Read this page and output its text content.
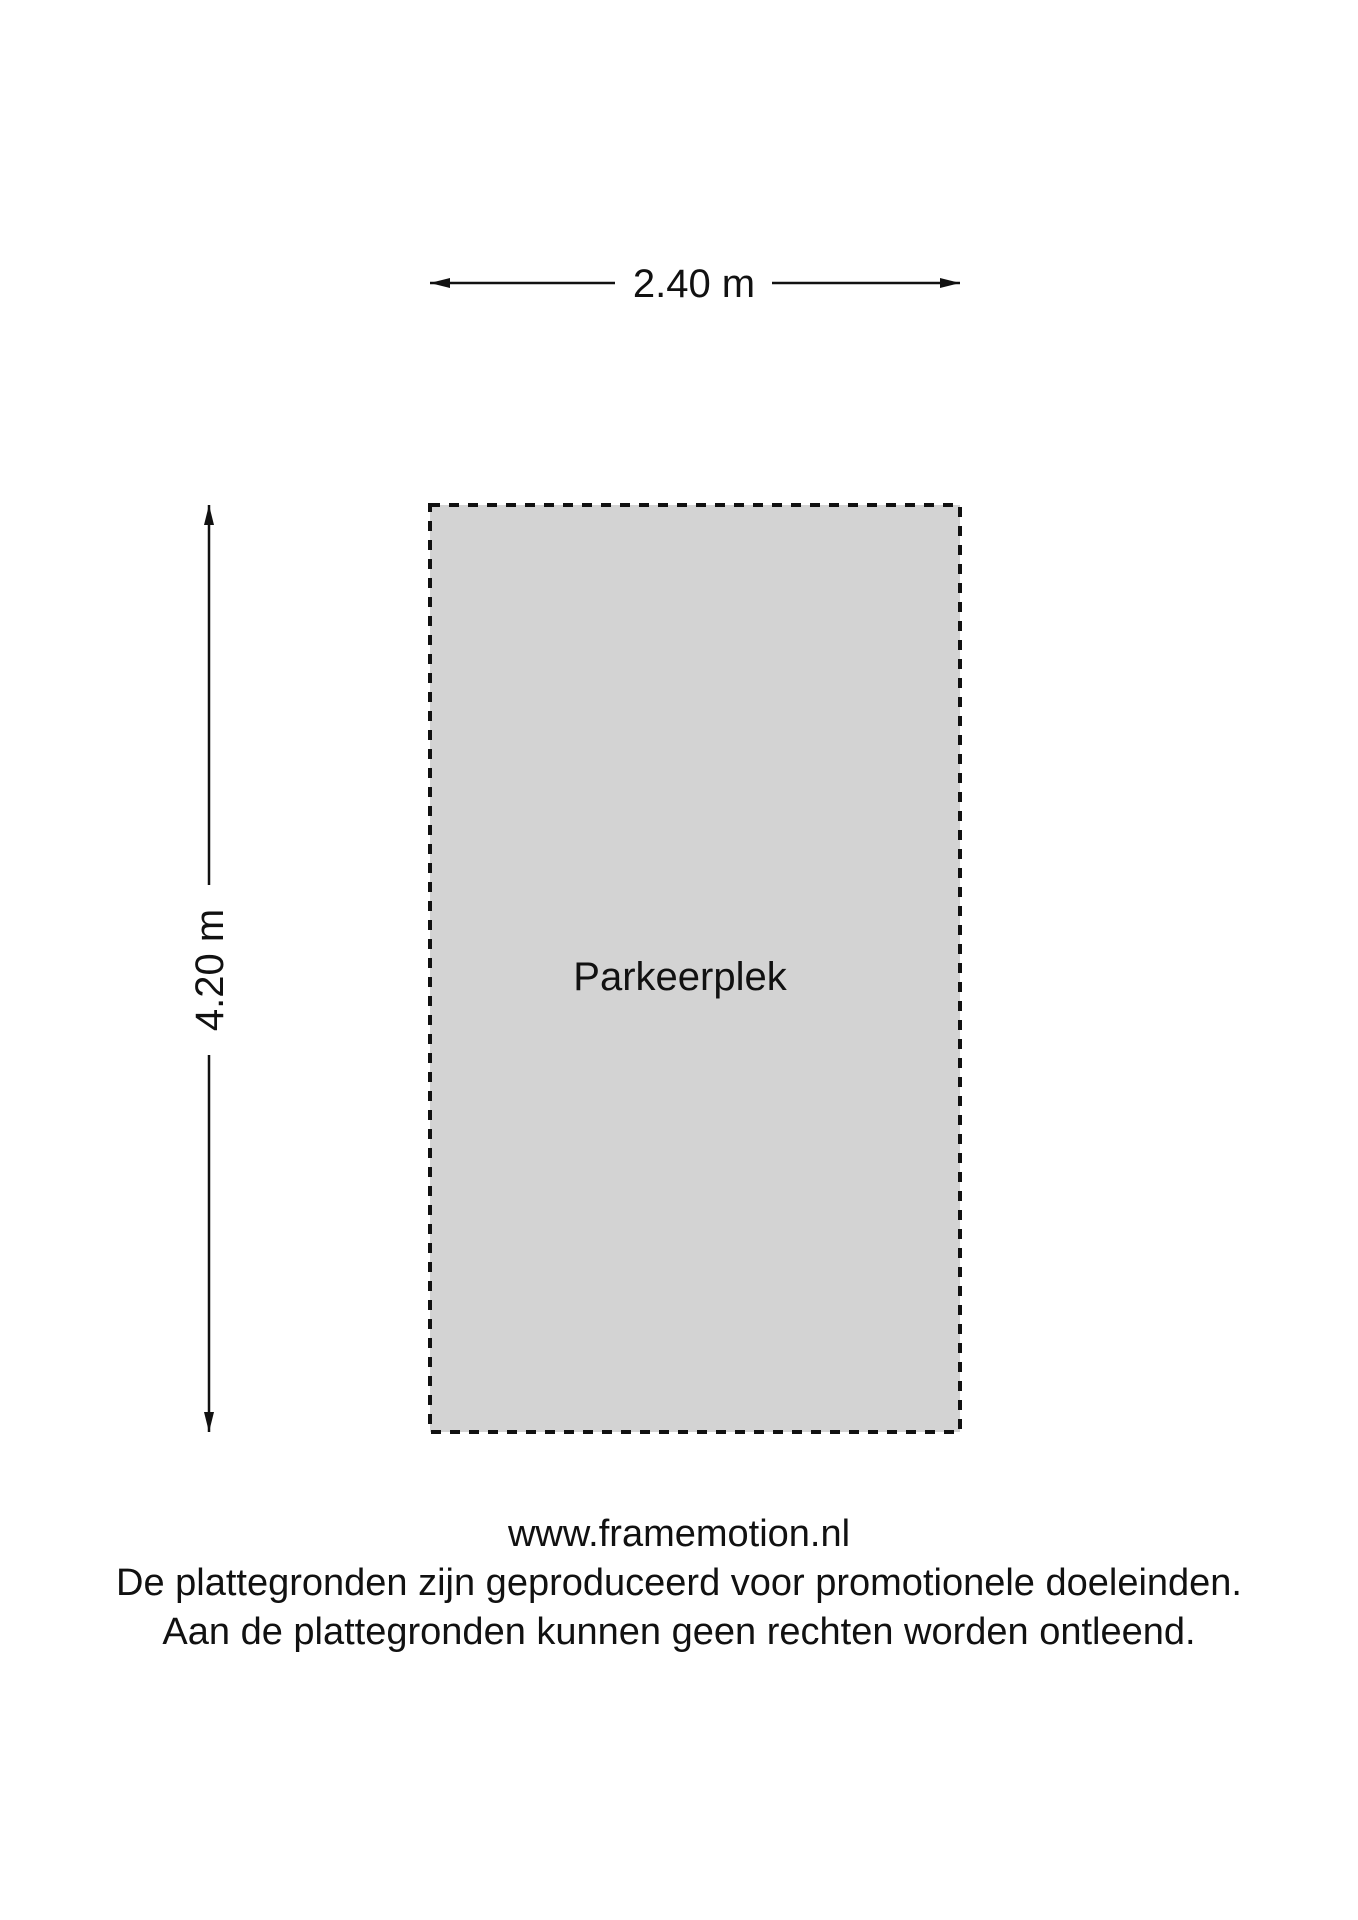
2.40 m
4.20 m	Parkeerplek
www.framemotion.nl
De plattegronden zijn geproduceerd voor promotionele doeleinden.
Aan de plattegronden kunnen geen rechten worden ontleend.
